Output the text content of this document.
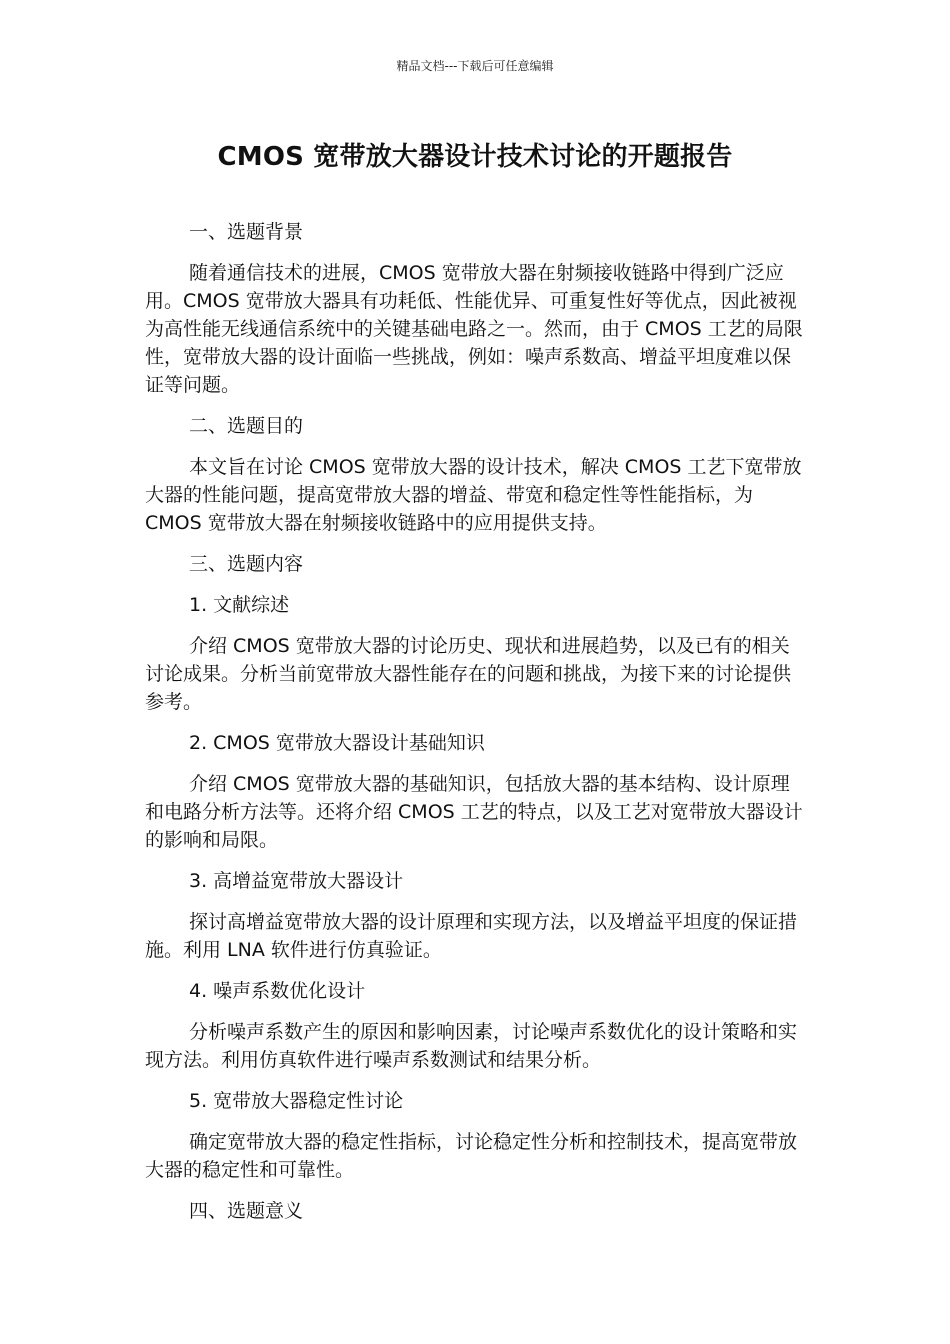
精品文档---下载后可任意编辑
CMOS 宽带放大器设计技术讨论的开题报告

一、选题背景

随着通信技术的进展，CMOS 宽带放大器在射频接收链路中得到广泛应用。CMOS 宽带放大器具有功耗低、性能优异、可重复性好等优点，因此被视为高性能无线通信系统中的关键基础电路之一。然而，由于 CMOS 工艺的局限性，宽带放大器的设计面临一些挑战，例如：噪声系数高、增益平坦度难以保证等问题。

二、选题目的

本文旨在讨论 CMOS 宽带放大器的设计技术，解决 CMOS 工艺下宽带放大器的性能问题，提高宽带放大器的增益、带宽和稳定性等性能指标，为 CMOS 宽带放大器在射频接收链路中的应用提供支持。

三、选题内容

1. 文献综述

介绍 CMOS 宽带放大器的讨论历史、现状和进展趋势，以及已有的相关讨论成果。分析当前宽带放大器性能存在的问题和挑战，为接下来的讨论提供参考。

2. CMOS 宽带放大器设计基础知识

介绍 CMOS 宽带放大器的基础知识，包括放大器的基本结构、设计原理和电路分析方法等。还将介绍 CMOS 工艺的特点，以及工艺对宽带放大器设计的影响和局限。

3. 高增益宽带放大器设计

探讨高增益宽带放大器的设计原理和实现方法，以及增益平坦度的保证措施。利用 LNA 软件进行仿真验证。

4. 噪声系数优化设计

分析噪声系数产生的原因和影响因素，讨论噪声系数优化的设计策略和实现方法。利用仿真软件进行噪声系数测试和结果分析。

5. 宽带放大器稳定性讨论

确定宽带放大器的稳定性指标，讨论稳定性分析和控制技术，提高宽带放大器的稳定性和可靠性。

四、选题意义
